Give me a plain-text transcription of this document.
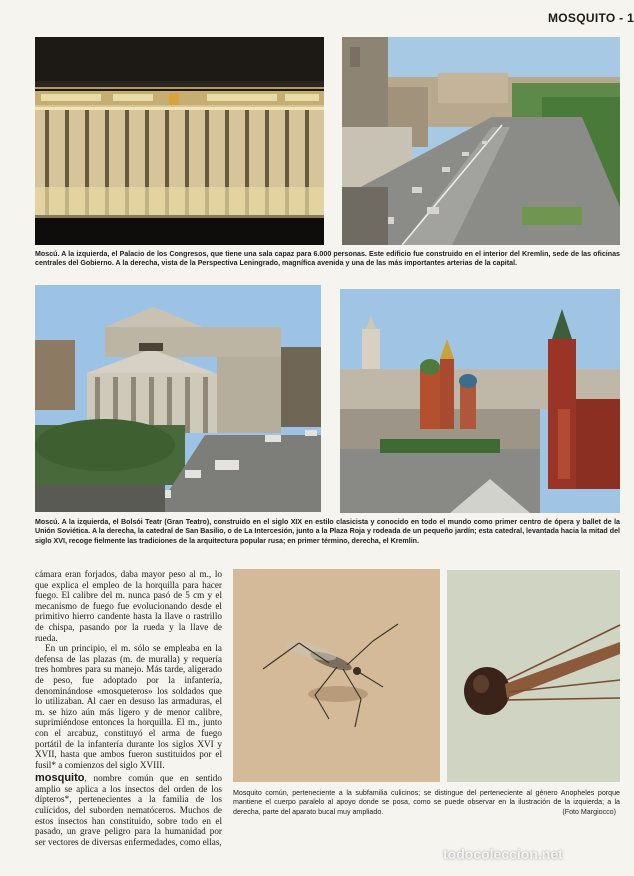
MOSQUITO - 1
Moscú. A la izquierda, el Palacio de los Congresos, que tiene una sala capaz para 6.000 personas. Este edificio fue construido en el interior del Kremlin, sede de las oficinas centrales del Gobierno. A la derecha, vista de la Perspectiva Leningrado, magnífica avenida y una de las más importantes arterias de la capital.
Moscú. A la izquierda, el Bolsói Teatr (Gran Teatro), construido en el siglo XIX en estilo clasicista y conocido en todo el mundo como primer centro de ópera y ballet de la Unión Soviética. A la derecha, la catedral de San Basilio, o de La Intercesión, junto a la Plaza Roja y rodeada de un pequeño jardín; esta catedral, levantada hacia la mitad del siglo XVI, recoge fielmente las tradiciones de la arquitectura popular rusa; en primer término, derecha, el Kremlin.

cámara eran forjados, daba mayor peso al m., lo que explica el empleo de la horquilla para hacer fuego. El calibre del m. nunca pasó de 5 cm y el mecanismo de fuego fue evolucionando desde el primitivo hierro candente hasta la llave o rastrillo de chispa, pasando por la rueda y la llave de rueda.

En un principio, el m. sólo se empleaba en la defensa de las plazas (m. de muralla) y requería tres hombres para su manejo. Más tarde, aligerado de peso, fue adoptado por la infantería, denominándose «mosqueteros» los soldados que lo utilizaban. Al caer en desuso las armaduras, el m. se hizo aún más ligero y de menor calibre, suprimiéndose entonces la horquilla. El m., junto con el arcabuz, constituyó el arma de fuego portátil de la infantería durante los siglos XVI y XVII, hasta que ambos fueron sustituidos por el fusil* a comienzos del siglo XVIII.

mosquito, nombre común que en sentido amplio se aplica a los insectos del orden de los dípteros*, pertenecientes a la familia de los culícidos, del suborden nematóceros. Muchos de estos insectos han constituido, sobre todo en el pasado, un grave peligro para la humanidad por ser vectores de diversas enfermedades, como ellas,

Mosquito común, perteneciente a la subfamilia culicinos; se distingue del perteneciente al género Anopheles porque mantiene el cuerpo paralelo al apoyo donde se posa, como se puede observar en la ilustración de la izquierda; a la derecha, parte del aparato bucal muy ampliado.	(Foto Margiocco)
todocoleccion.net
